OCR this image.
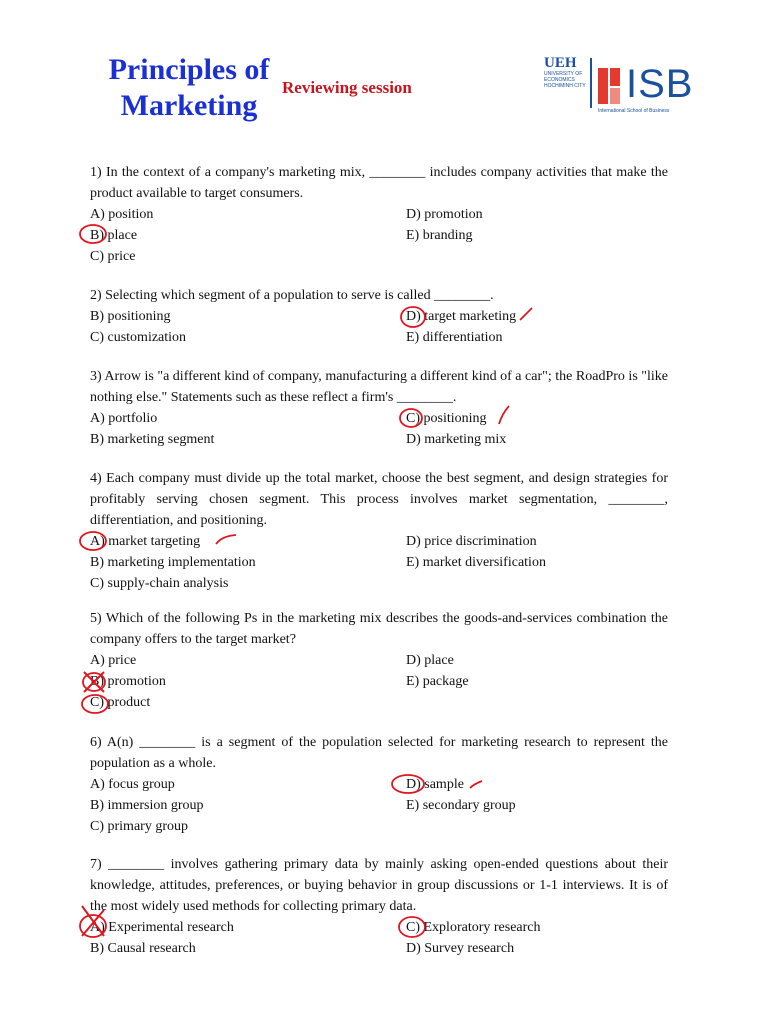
Principles of
Marketing
Reviewing session
UEH
UNIVERSITY OF
ECONOMICS
HOCHIMINH CITY ISB
International School of Business
1) In the context of a company's marketing mix, ________ includes company activities that make the product available to target consumers.
A) position	D) promotion
B) place	E) branding
C) price
2) Selecting which segment of a population to serve is called ________.
B) positioning	D) target marketing
C) customization	E) differentiation
3) Arrow is "a different kind of company, manufacturing a different kind of a car"; the RoadPro is "like nothing else." Statements such as these reflect a firm's ________.
A) portfolio	C) positioning
B) marketing segment	D) marketing mix
4) Each company must divide up the total market, choose the best segment, and design strategies for profitably serving chosen segment. This process involves market segmentation, ________, differentiation, and positioning.
A) market targeting	D) price discrimination
B) marketing implementation	E) market diversification
C) supply-chain analysis
5) Which of the following Ps in the marketing mix describes the goods-and-services combination the company offers to the target market?
A) price	D) place
B) promotion	E) package
C) product
6) A(n) ________ is a segment of the population selected for marketing research to represent the population as a whole.
A) focus group	D) sample
B) immersion group	E) secondary group
C) primary group
7) ________ involves gathering primary data by mainly asking open-ended questions about their knowledge, attitudes, preferences, or buying behavior in group discussions or 1-1 interviews. It is of the most widely used methods for collecting primary data.
A) Experimental research	C) Exploratory research
B) Causal research	D) Survey research
